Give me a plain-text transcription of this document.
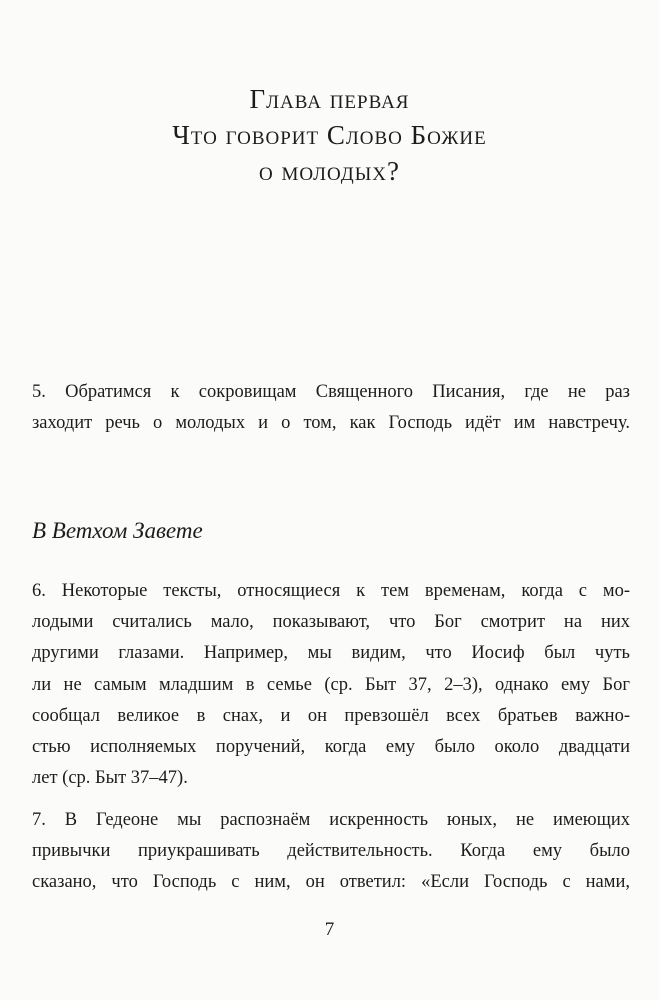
Глава первая
Что говорит Слово Божие
о молодых?
5. Обратимся к сокровищам Священного Писания, где не раз
заходит речь о молодых и о том, как Господь идёт им навстречу.
В Ветхом Завете
6. Некоторые тексты, относящиеся к тем временам, когда с мо-
лодыми считались мало, показывают, что Бог смотрит на них
другими глазами. Например, мы видим, что Иосиф был чуть
ли не самым младшим в семье (ср. Быт 37, 2–3), однако ему Бог
сообщал великое в снах, и он превзошёл всех братьев важно-
стью исполняемых поручений, когда ему было около двадцати
лет (ср. Быт 37–47).
7. В Гедеоне мы распознаём искренность юных, не имеющих
привычки приукрашивать действительность. Когда ему было
сказано, что Господь с ним, он ответил: «Если Господь с нами,
7
